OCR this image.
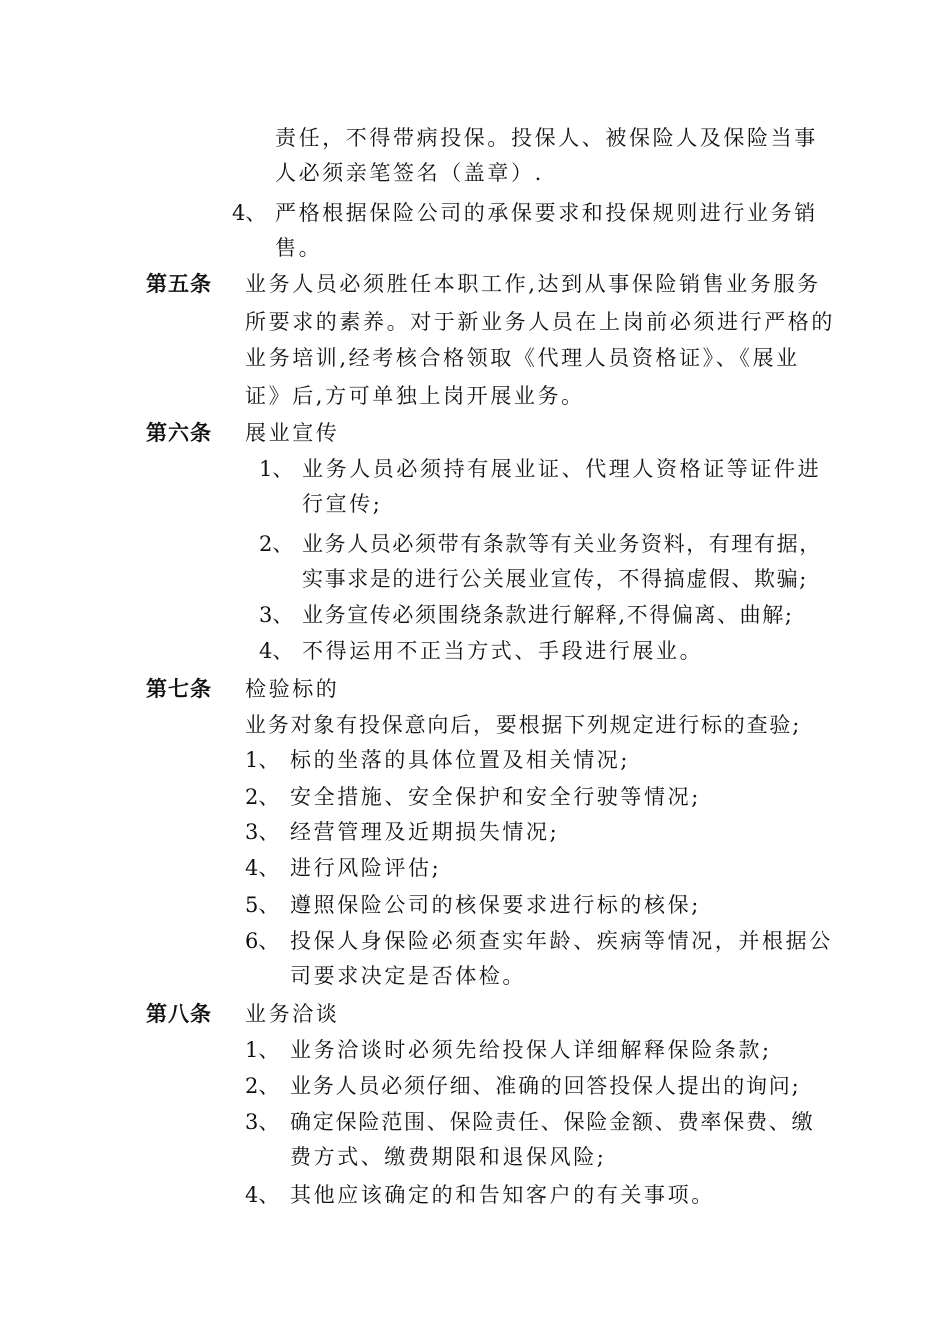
责任，不得带病投保。投保人、被保险人及保险当事
人必须亲笔签名（盖章）.
4、 严格根据保险公司的承保要求和投保规则进行业务销
售。
第五条 业务人员必须胜任本职工作,达到从事保险销售业务服务
所要求的素养。对于新业务人员在上岗前必须进行严格的
业务培训,经考核合格领取《代理人员资格证》、《展业
证》后,方可单独上岗开展业务。
第六条 展业宣传
1、 业务人员必须持有展业证、代理人资格证等证件进
行宣传;
2、 业务人员必须带有条款等有关业务资料，有理有据，
实事求是的进行公关展业宣传，不得搞虚假、欺骗;
3、 业务宣传必须围绕条款进行解释,不得偏离、曲解;
4、 不得运用不正当方式、手段进行展业。
第七条 检验标的
业务对象有投保意向后，要根据下列规定进行标的查验;
1、 标的坐落的具体位置及相关情况;
2、 安全措施、安全保护和安全行驶等情况;
3、 经营管理及近期损失情况;
4、 进行风险评估;
5、 遵照保险公司的核保要求进行标的核保;
6、 投保人身保险必须查实年龄、疾病等情况，并根据公
司要求决定是否体检。
第八条 业务洽谈
1、 业务洽谈时必须先给投保人详细解释保险条款;
2、 业务人员必须仔细、准确的回答投保人提出的询问;
3、 确定保险范围、保险责任、保险金额、费率保费、缴
费方式、缴费期限和退保风险;
4、 其他应该确定的和告知客户的有关事项。
